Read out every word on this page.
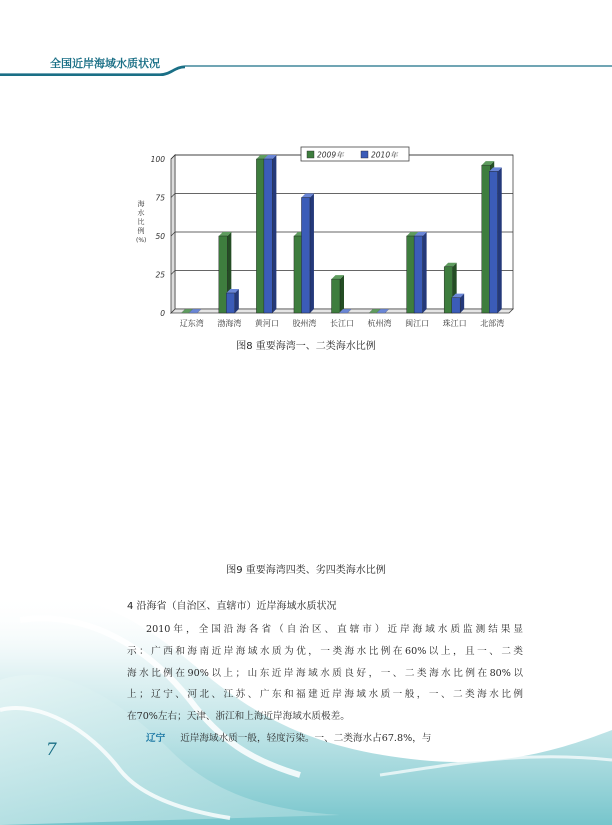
全国近岸海域水质状况
0
25
50
75
100
辽东湾 渤海湾 黄河口 胶州湾 长江口 杭州湾 闽江口 珠江口 北部湾
2009年	2010年
海
水
比
例
(%)
图8 重要海湾一、二类海水比例
图9 重要海湾四类、劣四类海水比例
4 沿海省（自治区、直辖市）近岸海域水质状况
2010年，全国沿海各省（自治区、直辖市）近岸海域水质监测结果显
示：广西和海南近岸海域水质为优，一类海水比例在60%以上，且一、二类
海水比例在90%以上；山东近岸海域水质良好，一、二类海水比例在80%以
上；辽宁、河北、江苏、广东和福建近岸海域水质一般，一、二类海水比例
在70%左右；天津、浙江和上海近岸海域水质极差。
辽宁 近岸海域水质一般，轻度污染。一、二类海水占67.8%，与
7
